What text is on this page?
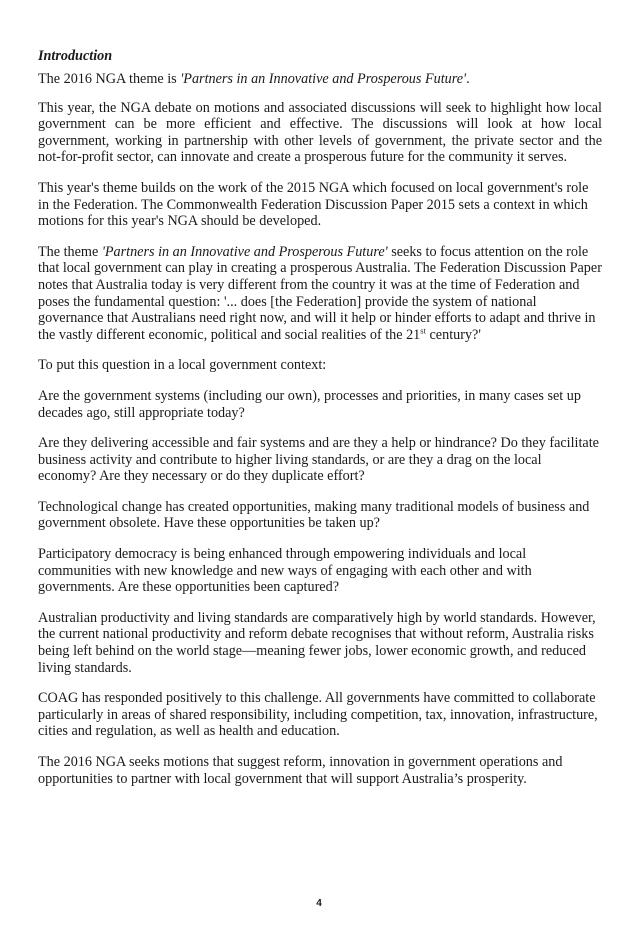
Introduction

The 2016 NGA theme is 'Partners in an Innovative and Prosperous Future'.

This year, the NGA debate on motions and associated discussions will seek to highlight how local government can be more efficient and effective. The discussions will look at how local government, working in partnership with other levels of government, the private sector and the not-for-profit sector, can innovate and create a prosperous future for the community it serves.

This year's theme builds on the work of the 2015 NGA which focused on local government's role in the Federation. The Commonwealth Federation Discussion Paper 2015 sets a context in which motions for this year's NGA should be developed.

The theme 'Partners in an Innovative and Prosperous Future' seeks to focus attention on the role that local government can play in creating a prosperous Australia. The Federation Discussion Paper notes that Australia today is very different from the country it was at the time of Federation and poses the fundamental question: '... does [the Federation] provide the system of national governance that Australians need right now, and will it help or hinder efforts to adapt and thrive in the vastly different economic, political and social realities of the 21st century?'

To put this question in a local government context:

Are the government systems (including our own), processes and priorities, in many cases set up decades ago, still appropriate today?

Are they delivering accessible and fair systems and are they a help or hindrance? Do they facilitate business activity and contribute to higher living standards, or are they a drag on the local economy? Are they necessary or do they duplicate effort?

Technological change has created opportunities, making many traditional models of business and government obsolete. Have these opportunities be taken up?

Participatory democracy is being enhanced through empowering individuals and local communities with new knowledge and new ways of engaging with each other and with governments. Are these opportunities been captured?

Australian productivity and living standards are comparatively high by world standards. However, the current national productivity and reform debate recognises that without reform, Australia risks being left behind on the world stage—meaning fewer jobs, lower economic growth, and reduced living standards.

COAG has responded positively to this challenge. All governments have committed to collaborate particularly in areas of shared responsibility, including competition, tax, innovation, infrastructure, cities and regulation, as well as health and education.

The 2016 NGA seeks motions that suggest reform, innovation in government operations and opportunities to partner with local government that will support Australia’s prosperity.

4
